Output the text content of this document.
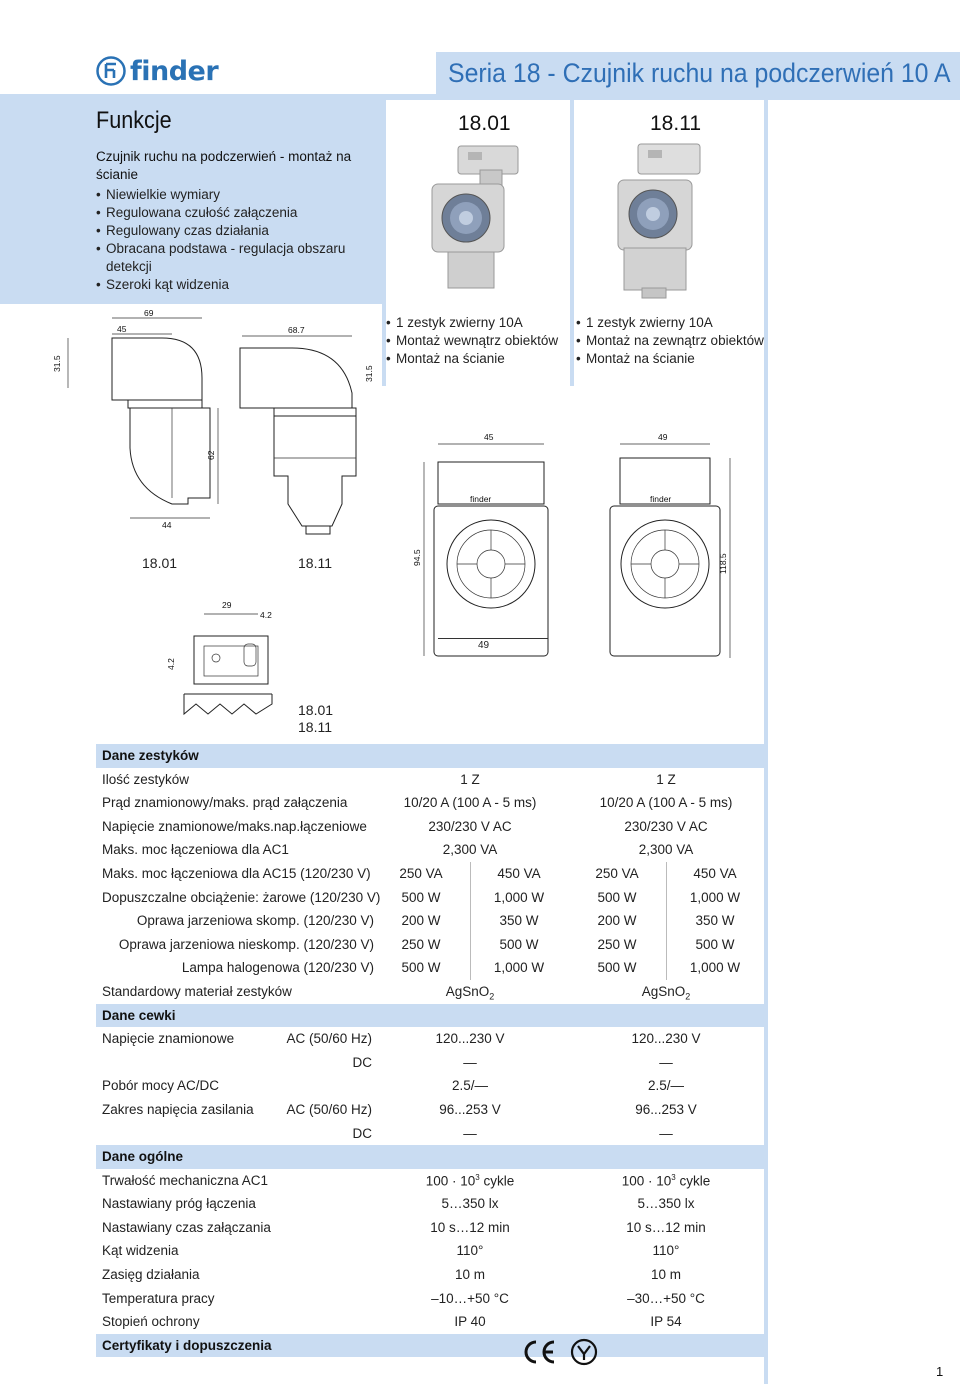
finder	Seria 18 - Czujnik ruchu na podczerwień 10 A
Funkcje
Czujnik ruchu na podczerwień - montaż na ścianie
• Niewielkie wymiary
• Regulowana czułość załączenia
• Regulowany czas działania
• Obracana podstawa - regulacja obszaru detekcji
• Szeroki kąt widzenia
18.01	18.11
• 1 zestyk zwierny 10A
• Montaż wewnątrz obiektów
• Montaż na ścianie
• 1 zestyk zwierny 10A
• Montaż na zewnątrz obiektów
• Montaż na ścianie
69
45
31.5
62
44
68.7
31.5
18.01	18.11
45
finder
94.5
49
finder
118.5
49
29
4.2
4.2
18.01
18.11
Dane zestyków
Ilość zestyków	1 Z	1 Z
Prąd znamionowy/maks. prąd załączenia	10/20 A (100 A - 5 ms)	10/20 A (100 A - 5 ms)
Napięcie znamionowe/maks.nap.łączeniowe	230/230 V AC	230/230 V AC
Maks. moc łączeniowa dla AC1	2,300 VA	2,300 VA
Maks. moc łączeniowa dla AC15 (120/230 V)	250 VA	450 VA	250 VA	450 VA
Dopuszczalne obciążenie: żarowe (120/230 V)	500 W	1,000 W	500 W	1,000 W
Oprawa jarzeniowa skomp. (120/230 V)	200 W	350 W	200 W	350 W
Oprawa jarzeniowa nieskomp. (120/230 V)	250 W	500 W	250 W	500 W
Lampa halogenowa (120/230 V)	500 W	1,000 W	500 W	1,000 W
Standardowy materiał zestyków	AgSnO$_2$	AgSnO$_2$
Dane cewki
Napięcie znamionowe	AC (50/60 Hz)	120...230 V	120...230 V
DC	—	—
Pobór mocy AC/DC	2.5/—	2.5/—
Zakres napięcia zasilania AC (50/60 Hz)	96...253 V	96...253 V
DC	—	—
Dane ogólne
Trwałość mechaniczna AC1	$100 \cdot 10^3$ cykle	$100 \cdot 10^3$ cykle
Nastawiany próg łączenia	5…350 lx	5…350 lx
Nastawiany czas załączania	10 s…12 min	10 s…12 min
Kąt widzenia	110°	110°
Zasięg działania	10 m	10 m
Temperatura pracy	–10…+50 °C	–30…+50 °C
Stopień ochrony	IP 40	IP 54
Certyfikaty i dopuszczenia
1
